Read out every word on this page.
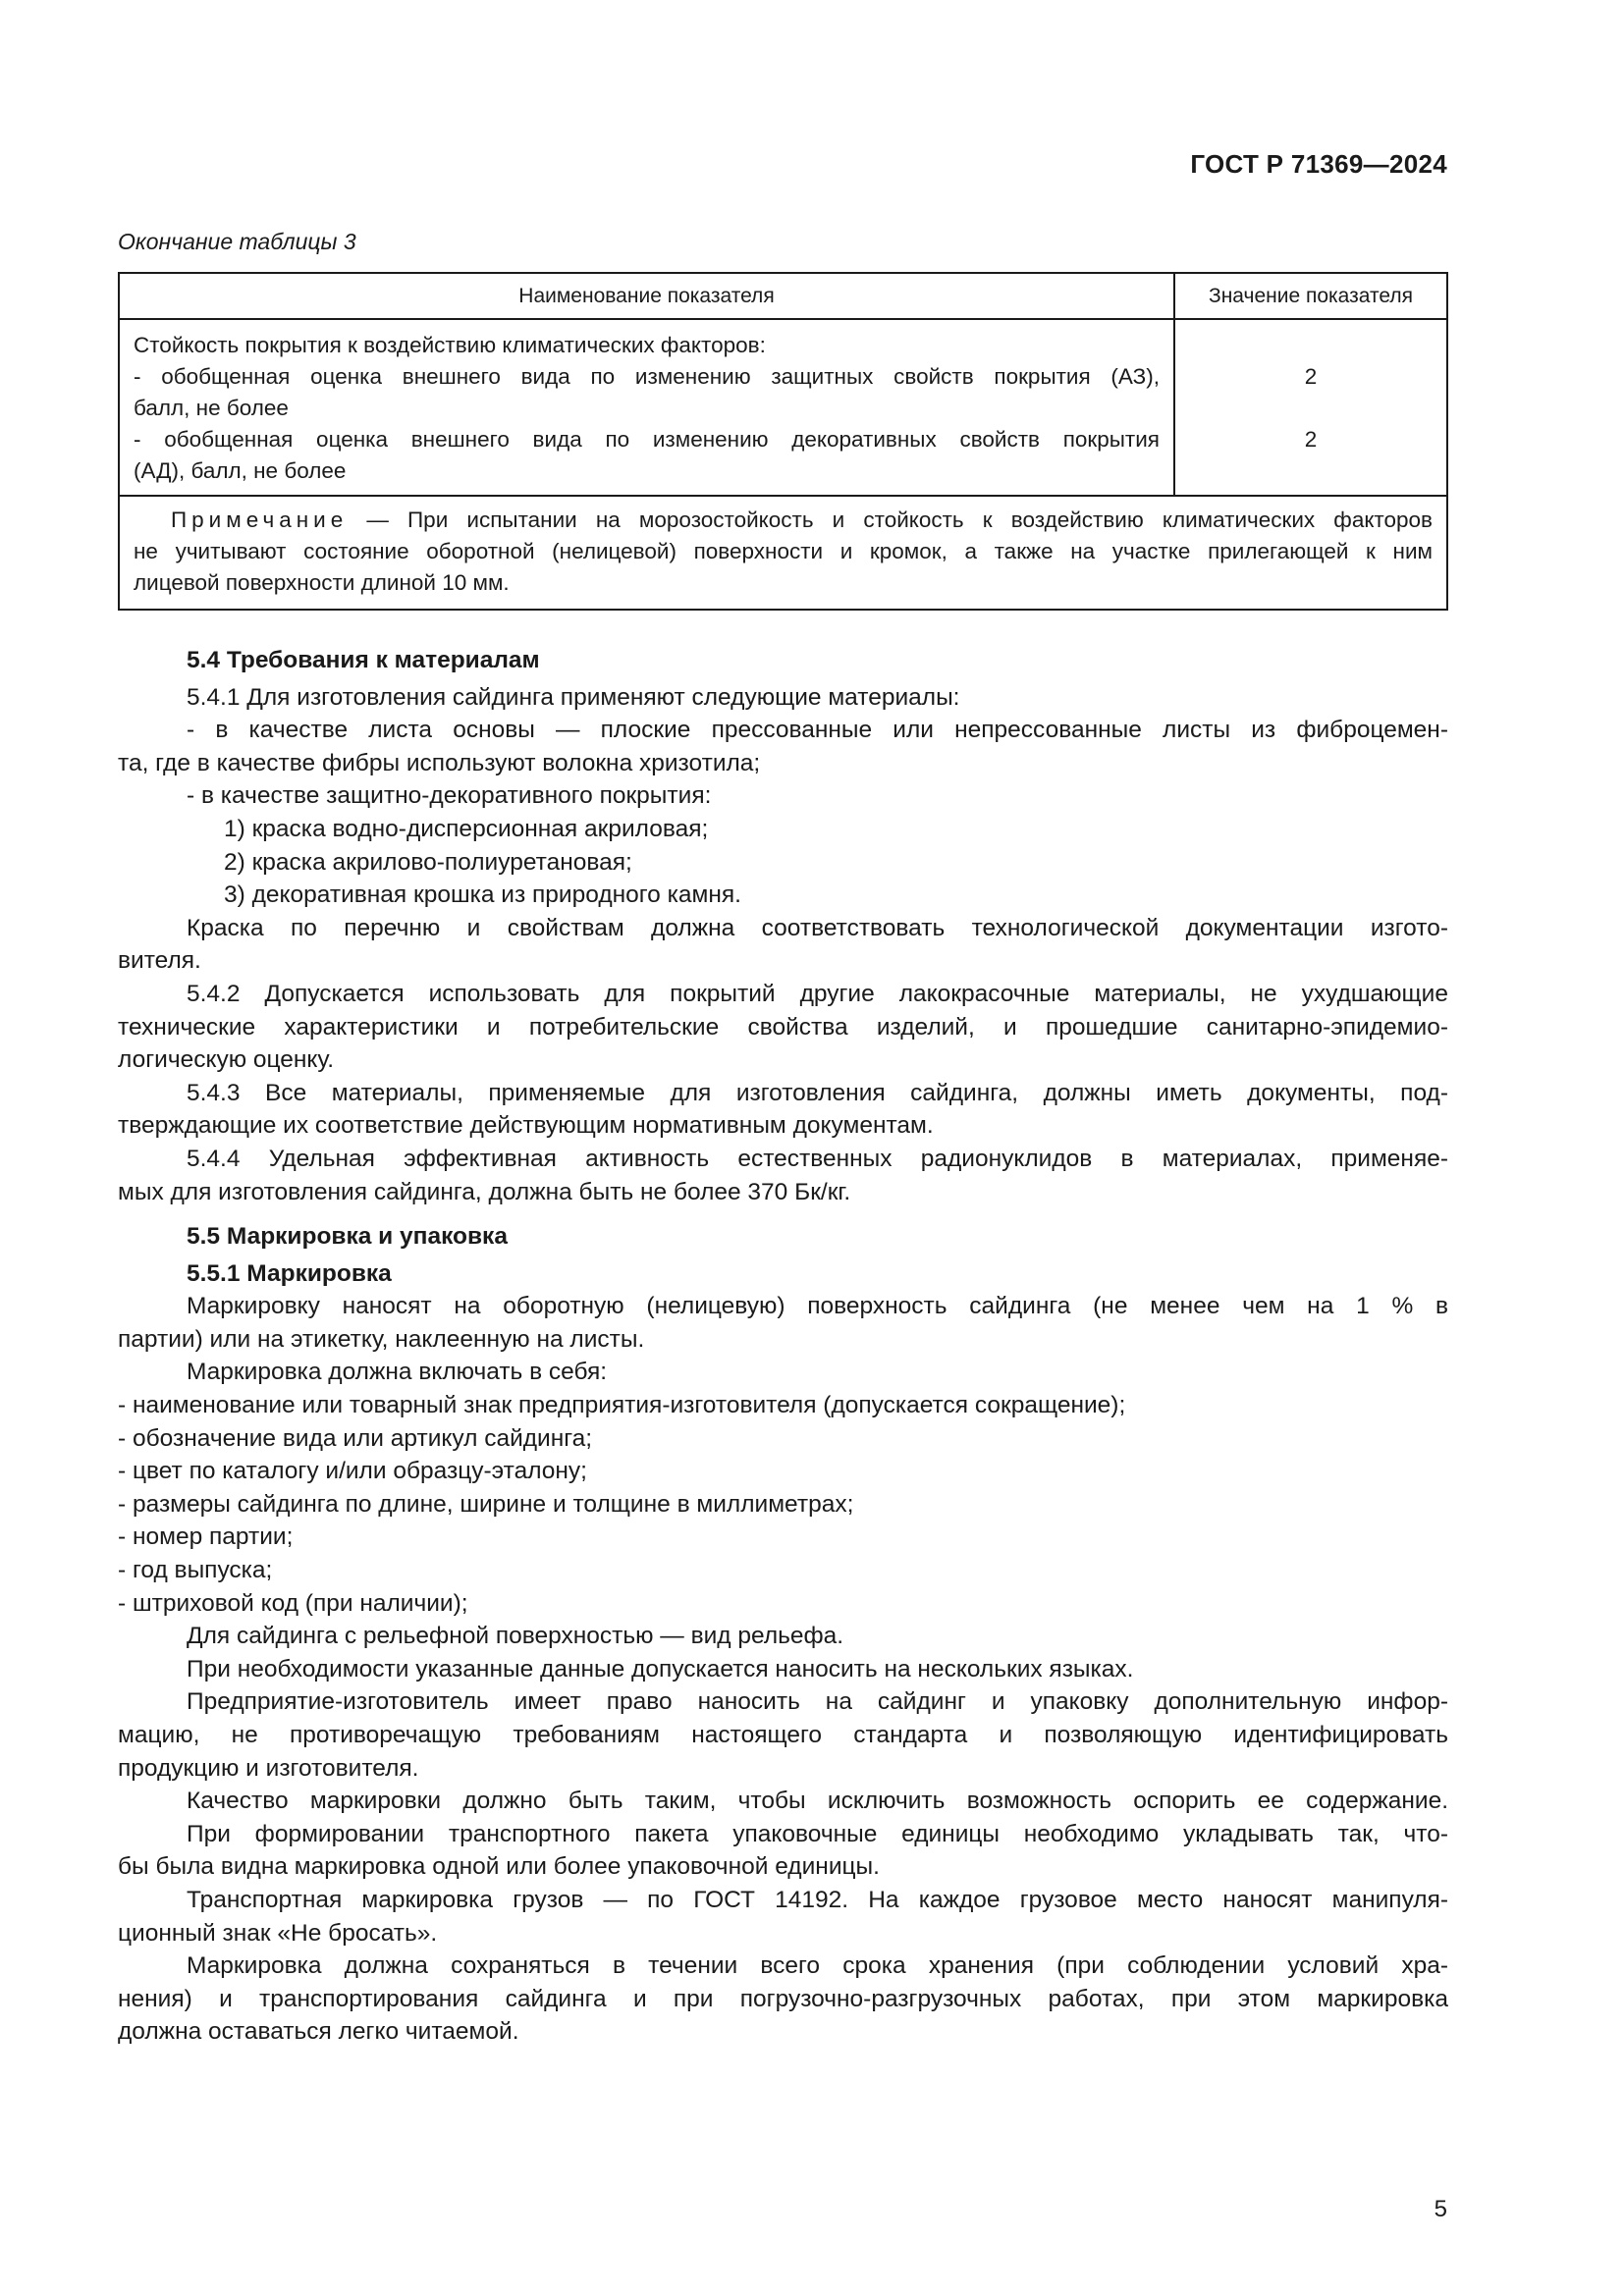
ГОСТ Р 71369—2024
Окончание таблицы 3
Наименование показателя	Значение показателя
Стойкость покрытия к воздействию климатических факторов:
- обобщенная оценка внешнего вида по изменению защитных свойств покрытия (АЗ),
балл, не более
- обобщенная оценка внешнего вида по изменению декоративных свойств покрытия
(АД), балл, не более
2
2
Примечание — При испытании на морозостойкость и стойкость к воздействию климатических факторов
не учитывают состояние оборотной (нелицевой) поверхности и кромок, а также на участке прилегающей к ним
лицевой поверхности длиной 10 мм.
5.4 Требования к материалам
5.4.1 Для изготовления сайдинга применяют следующие материалы:
- в качестве листа основы — плоские прессованные или непрессованные листы из фиброцемен-
та, где в качестве фибры используют волокна хризотила;
- в качестве защитно-декоративного покрытия:
1) краска водно-дисперсионная акриловая;
2) краска акрилово-полиуретановая;
3) декоративная крошка из природного камня.
Краска по перечню и свойствам должна соответствовать технологической документации изгото-
вителя.
5.4.2 Допускается использовать для покрытий другие лакокрасочные материалы, не ухудшающие
технические характеристики и потребительские свойства изделий, и прошедшие санитарно-эпидемио-
логическую оценку.
5.4.3 Все материалы, применяемые для изготовления сайдинга, должны иметь документы, под-
тверждающие их соответствие действующим нормативным документам.
5.4.4 Удельная эффективная активность естественных радионуклидов в материалах, применяе-
мых для изготовления сайдинга, должна быть не более 370 Бк/кг.
5.5 Маркировка и упаковка
5.5.1 Маркировка
Маркировку наносят на оборотную (нелицевую) поверхность сайдинга (не менее чем на 1 % в
партии) или на этикетку, наклеенную на листы.
Маркировка должна включать в себя:
- наименование или товарный знак предприятия-изготовителя (допускается сокращение);
- обозначение вида или артикул сайдинга;
- цвет по каталогу и/или образцу-эталону;
- размеры сайдинга по длине, ширине и толщине в миллиметрах;
- номер партии;
- год выпуска;
- штриховой код (при наличии);
Для сайдинга с рельефной поверхностью — вид рельефа.
При необходимости указанные данные допускается наносить на нескольких языках.
Предприятие-изготовитель имеет право наносить на сайдинг и упаковку дополнительную инфор-
мацию, не противоречащую требованиям настоящего стандарта и позволяющую идентифицировать
продукцию и изготовителя.
Качество маркировки должно быть таким, чтобы исключить возможность оспорить ее содержание.
При формировании транспортного пакета упаковочные единицы необходимо укладывать так, что-
бы была видна маркировка одной или более упаковочной единицы.
Транспортная маркировка грузов — по ГОСТ 14192. На каждое грузовое место наносят манипуля-
ционный знак «Не бросать».
Маркировка должна сохраняться в течении всего срока хранения (при соблюдении условий хра-
нения) и транспортирования сайдинга и при погрузочно-разгрузочных работах, при этом маркировка
должна оставаться легко читаемой.
5
